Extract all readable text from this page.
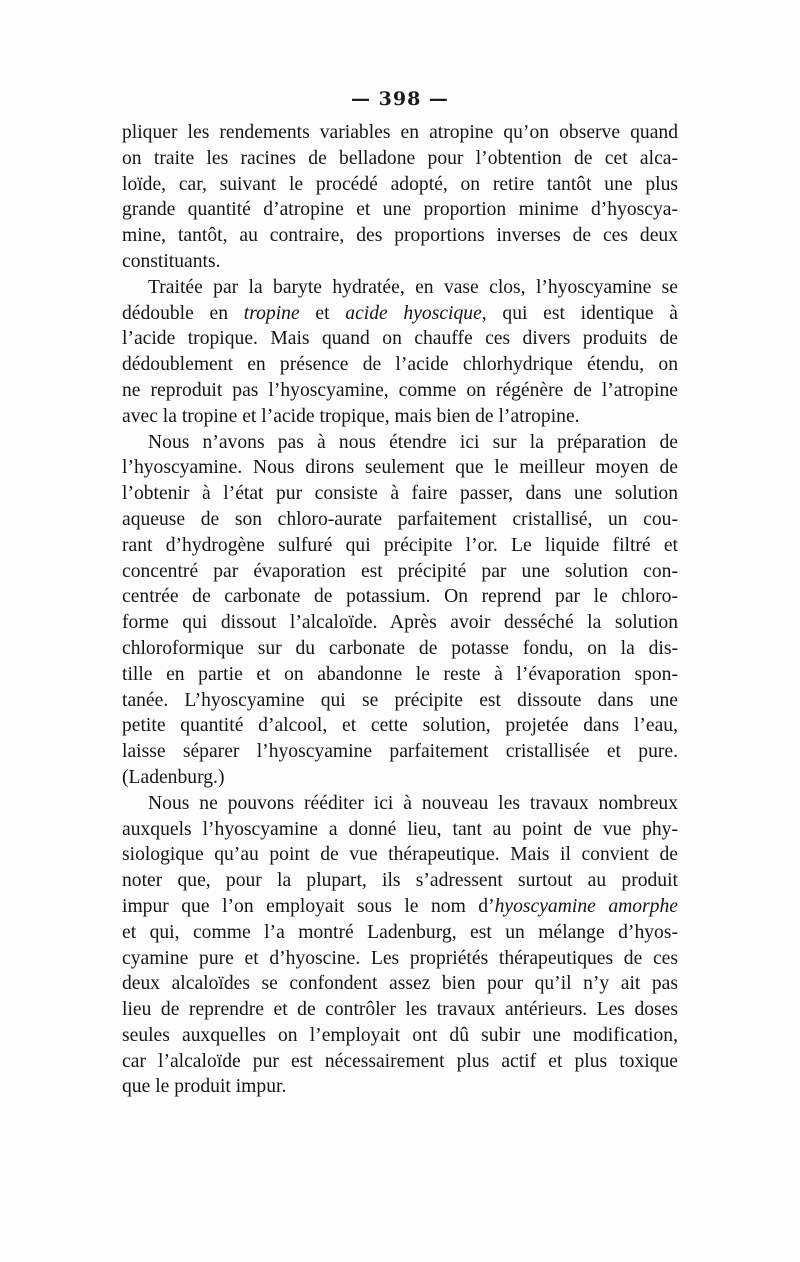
— 398 —
pliquer les rendements variables en atropine qu’on observe quand
on traite les racines de belladone pour l’obtention de cet alca-
loïde, car, suivant le procédé adopté, on retire tantôt une plus
grande quantité d’atropine et une proportion minime d’hyoscya-
mine, tantôt, au contraire, des proportions inverses de ces deux
constituants.
Traitée par la baryte hydratée, en vase clos, l’hyoscyamine se
dédouble en tropine et acide hyoscique, qui est identique à
l’acide tropique. Mais quand on chauffe ces divers produits de
dédoublement en présence de l’acide chlorhydrique étendu, on
ne reproduit pas l’hyoscyamine, comme on régénère de l’atropine
avec la tropine et l’acide tropique, mais bien de l’atropine.
Nous n’avons pas à nous étendre ici sur la préparation de
l’hyoscyamine. Nous dirons seulement que le meilleur moyen de
l’obtenir à l’état pur consiste à faire passer, dans une solution
aqueuse de son chloro-aurate parfaitement cristallisé, un cou-
rant d’hydrogène sulfuré qui précipite l’or. Le liquide filtré et
concentré par évaporation est précipité par une solution con-
centrée de carbonate de potassium. On reprend par le chloro-
forme qui dissout l’alcaloïde. Après avoir desséché la solution
chloroformique sur du carbonate de potasse fondu, on la dis-
tille en partie et on abandonne le reste à l’évaporation spon-
tanée. L’hyoscyamine qui se précipite est dissoute dans une
petite quantité d’alcool, et cette solution, projetée dans l’eau,
laisse séparer l’hyoscyamine parfaitement cristallisée et pure.
(Ladenburg.)
Nous ne pouvons rééditer ici à nouveau les travaux nombreux
auxquels l’hyoscyamine a donné lieu, tant au point de vue phy-
siologique qu’au point de vue thérapeutique. Mais il convient de
noter que, pour la plupart, ils s’adressent surtout au produit
impur que l’on employait sous le nom d’hyoscyamine amorphe
et qui, comme l’a montré Ladenburg, est un mélange d’hyos-
cyamine pure et d’hyoscine. Les propriétés thérapeutiques de ces
deux alcaloïdes se confondent assez bien pour qu’il n’y ait pas
lieu de reprendre et de contrôler les travaux antérieurs. Les doses
seules auxquelles on l’employait ont dû subir une modification,
car l’alcaloïde pur est nécessairement plus actif et plus toxique
que le produit impur.
